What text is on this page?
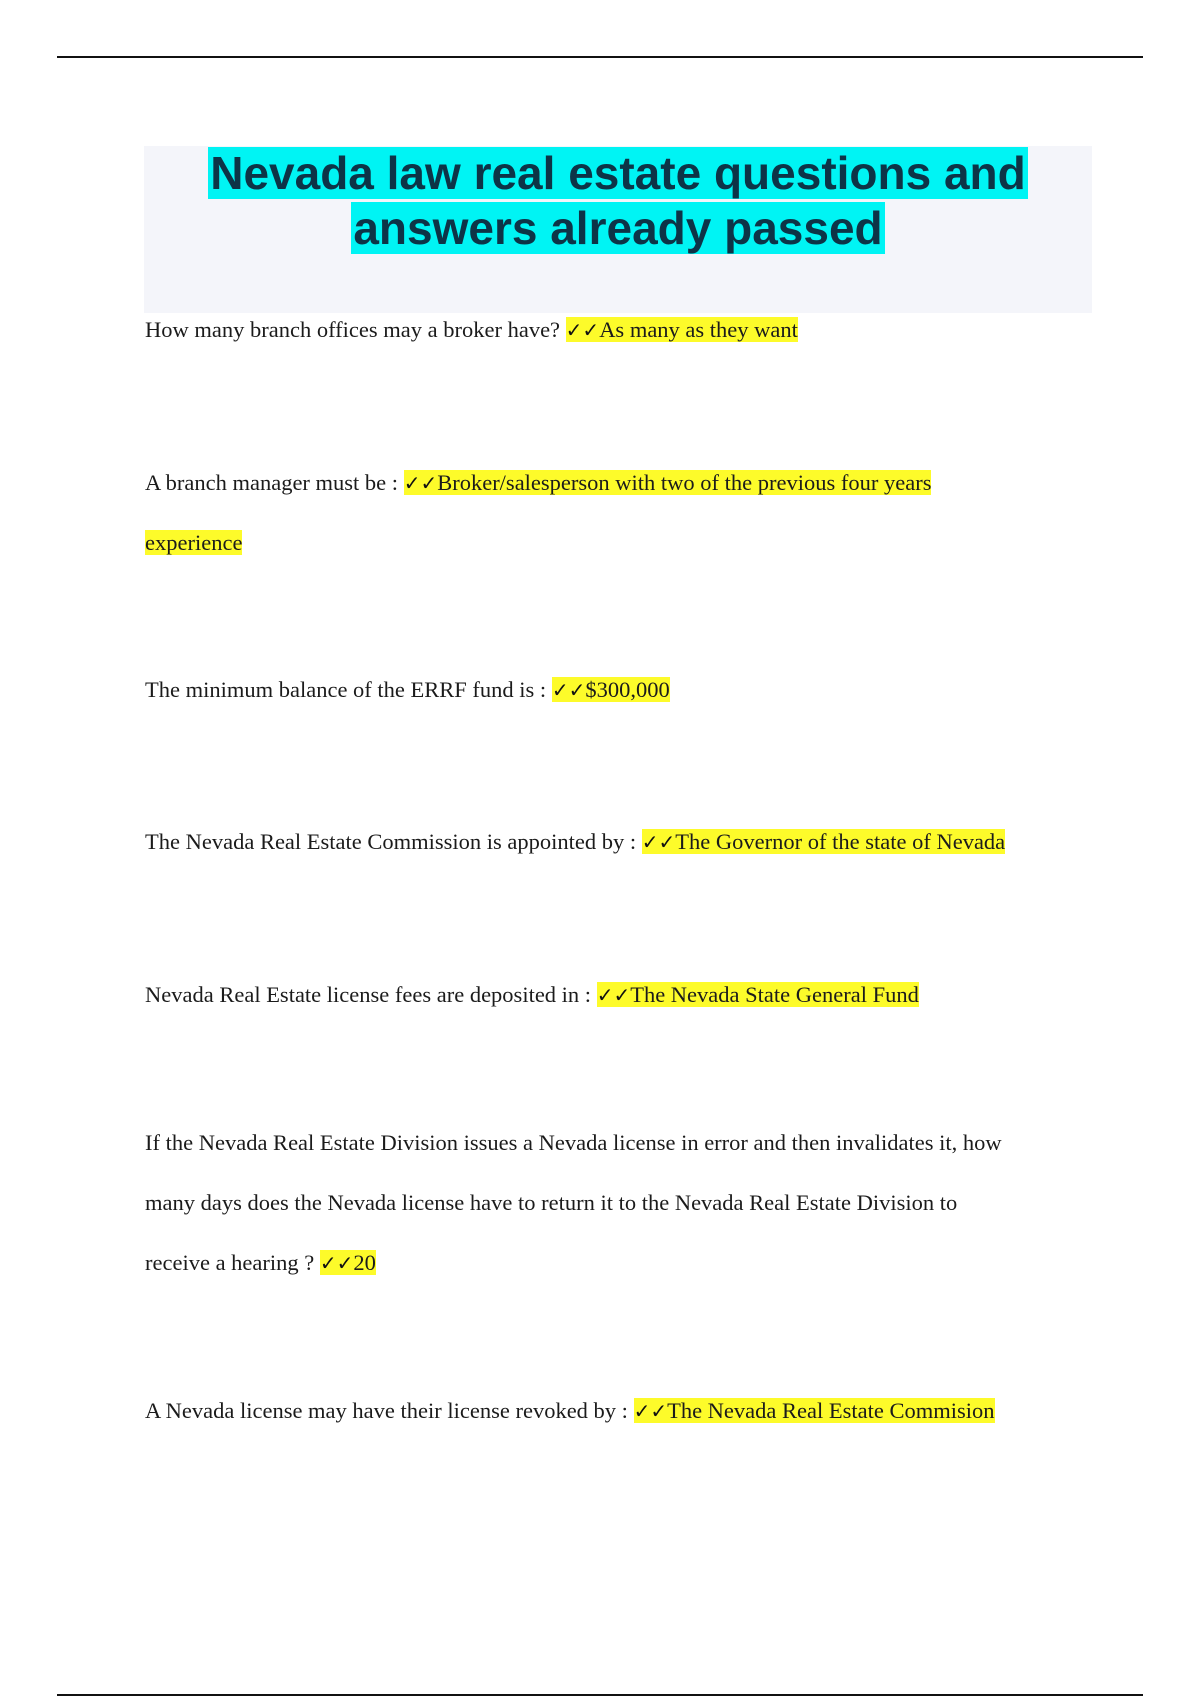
Nevada law real estate questions and
answers already passed

How many branch offices may a broker have? ✓✓As many as they want

A branch manager must be : ✓✓Broker/salesperson with two of the previous four years
experience

The minimum balance of the ERRF fund is : ✓✓$300,000

The Nevada Real Estate Commission is appointed by : ✓✓The Governor of the state of Nevada

Nevada Real Estate license fees are deposited in : ✓✓The Nevada State General Fund

If the Nevada Real Estate Division issues a Nevada license in error and then invalidates it, how
many days does the Nevada license have to return it to the Nevada Real Estate Division to
receive a hearing ? ✓✓20

A Nevada license may have their license revoked by : ✓✓The Nevada Real Estate Commision
